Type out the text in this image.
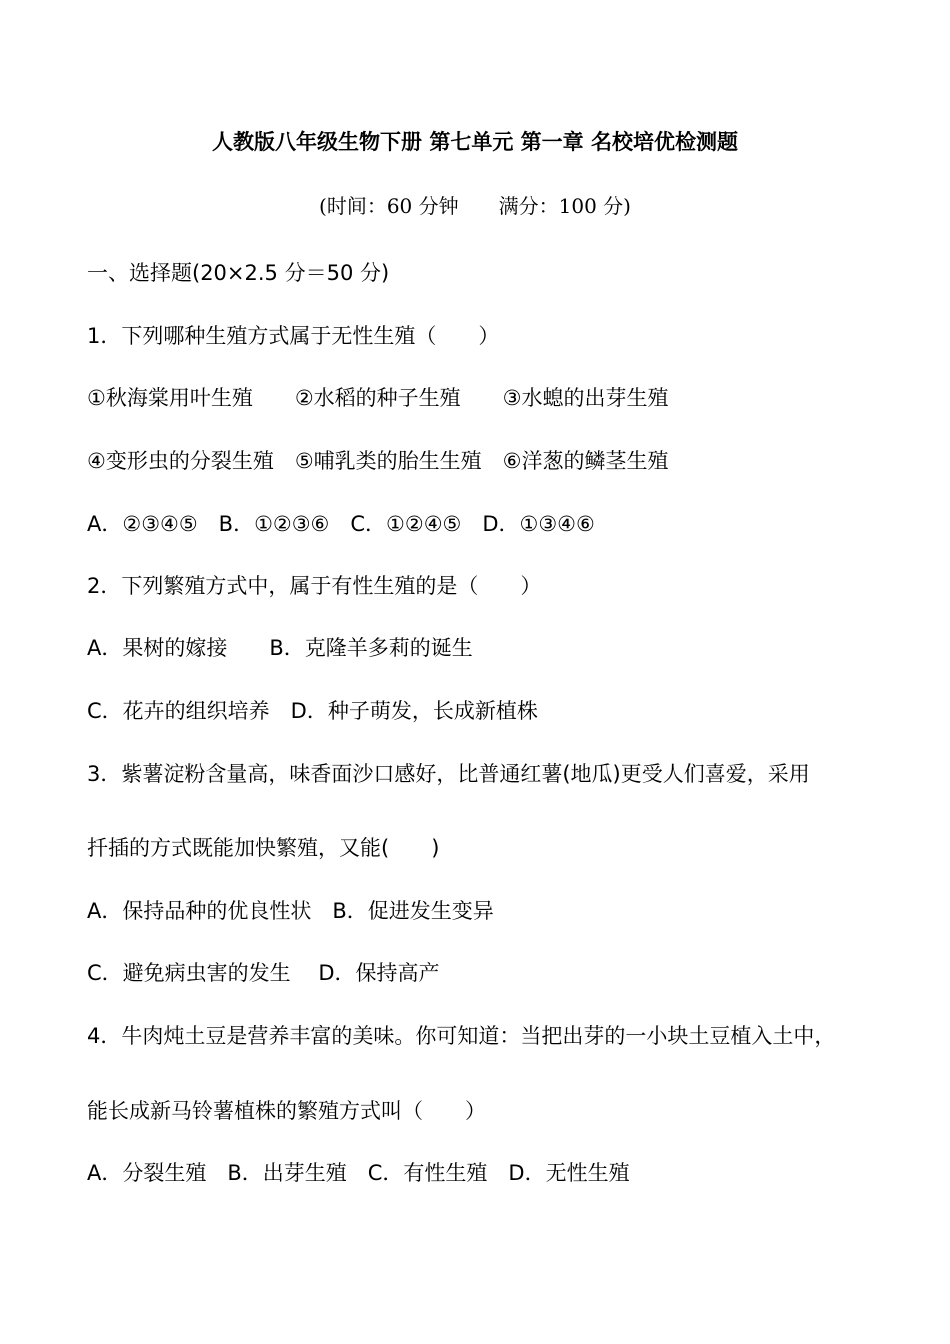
人教版八年级生物下册 第七单元 第一章 名校培优检测题
(时间：60 分钟　　满分：100 分)
一、选择题(20×2.5 分＝50 分)
1．下列哪种生殖方式属于无性生殖（　　）
①秋海棠用叶生殖　　②水稻的种子生殖　　③水螅的出芽生殖
④变形虫的分裂生殖　⑤哺乳类的胎生生殖　⑥洋葱的鳞茎生殖
A．②③④⑤　B．①②③⑥　C．①②④⑤　D．①③④⑥
2．下列繁殖方式中，属于有性生殖的是（　　）
A．果树的嫁接　　B．克隆羊多莉的诞生
C．花卉的组织培养　D．种子萌发，长成新植株
3．紫薯淀粉含量高，味香面沙口感好，比普通红薯(地瓜)更受人们喜爱，采用
扦插的方式既能加快繁殖，又能(　　)
A．保持品种的优良性状　B．促进发生变异
C．避免病虫害的发生　 D．保持高产
4．牛肉炖土豆是营养丰富的美味。你可知道：当把出芽的一小块土豆植入土中，
能长成新马铃薯植株的繁殖方式叫（　　）
A．分裂生殖　B．出芽生殖　C．有性生殖　D．无性生殖
